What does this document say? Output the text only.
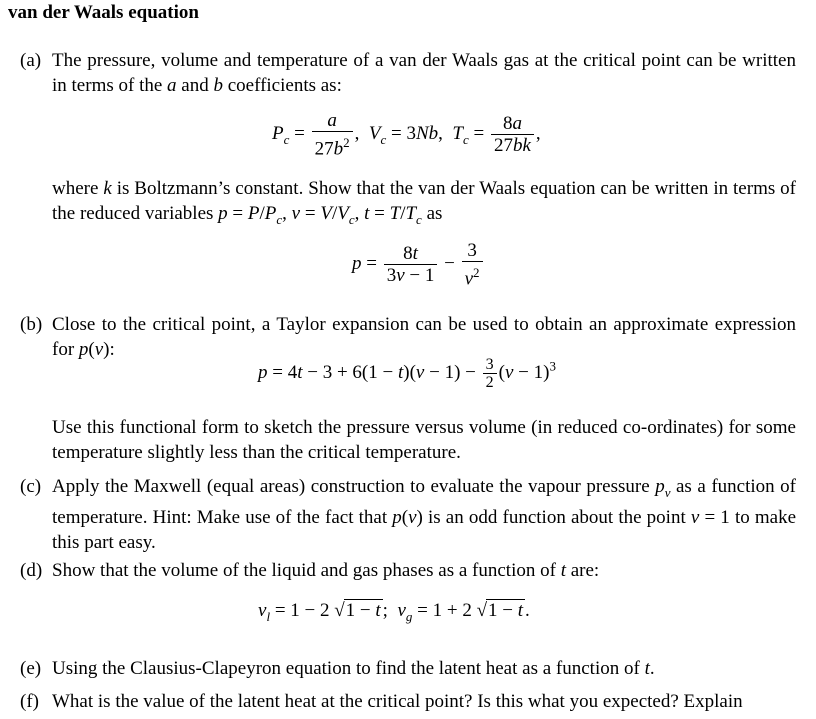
van der Waals equation
(a) The pressure, volume and temperature of a van der Waals gas at the critical point can be written in terms of the a and b coefficients as:
$P_c = \frac{a}{27b^2}$ ,  $V_c = 3Nb$,  $T_c = \frac{8a}{27bk}$ ,
where k is Boltzmann’s constant. Show that the van der Waals equation can be written in terms of the reduced variables $p = P/P_c$, $v = V/V_c$, $t = T/T_c$ as
$p = \frac{8t}{3v - 1} - \frac{3}{v^2}$
(b) Close to the critical point, a Taylor expansion can be used to obtain an approximate expression for p(v):
$p = 4t - 3 + 6(1 - t)(v - 1) - \frac{3}{2} (v - 1)^3$
Use this functional form to sketch the pressure versus volume (in reduced co-ordinates) for some temperature slightly less than the critical temperature.
(c) Apply the Maxwell (equal areas) construction to evaluate the vapour pressure $p_v$ as a function of temperature. Hint: Make use of the fact that p(v) is an odd function about the point v = 1 to make this part easy.
(d) Show that the volume of the liquid and gas phases as a function of t are:
$v_l = 1 - 2$ √1 − t ;  $v_g = 1 + 2$ √1 − t .
(e) Using the Clausius-Clapeyron equation to find the latent heat as a function of t.
(f) What is the value of the latent heat at the critical point? Is this what you expected? Explain
